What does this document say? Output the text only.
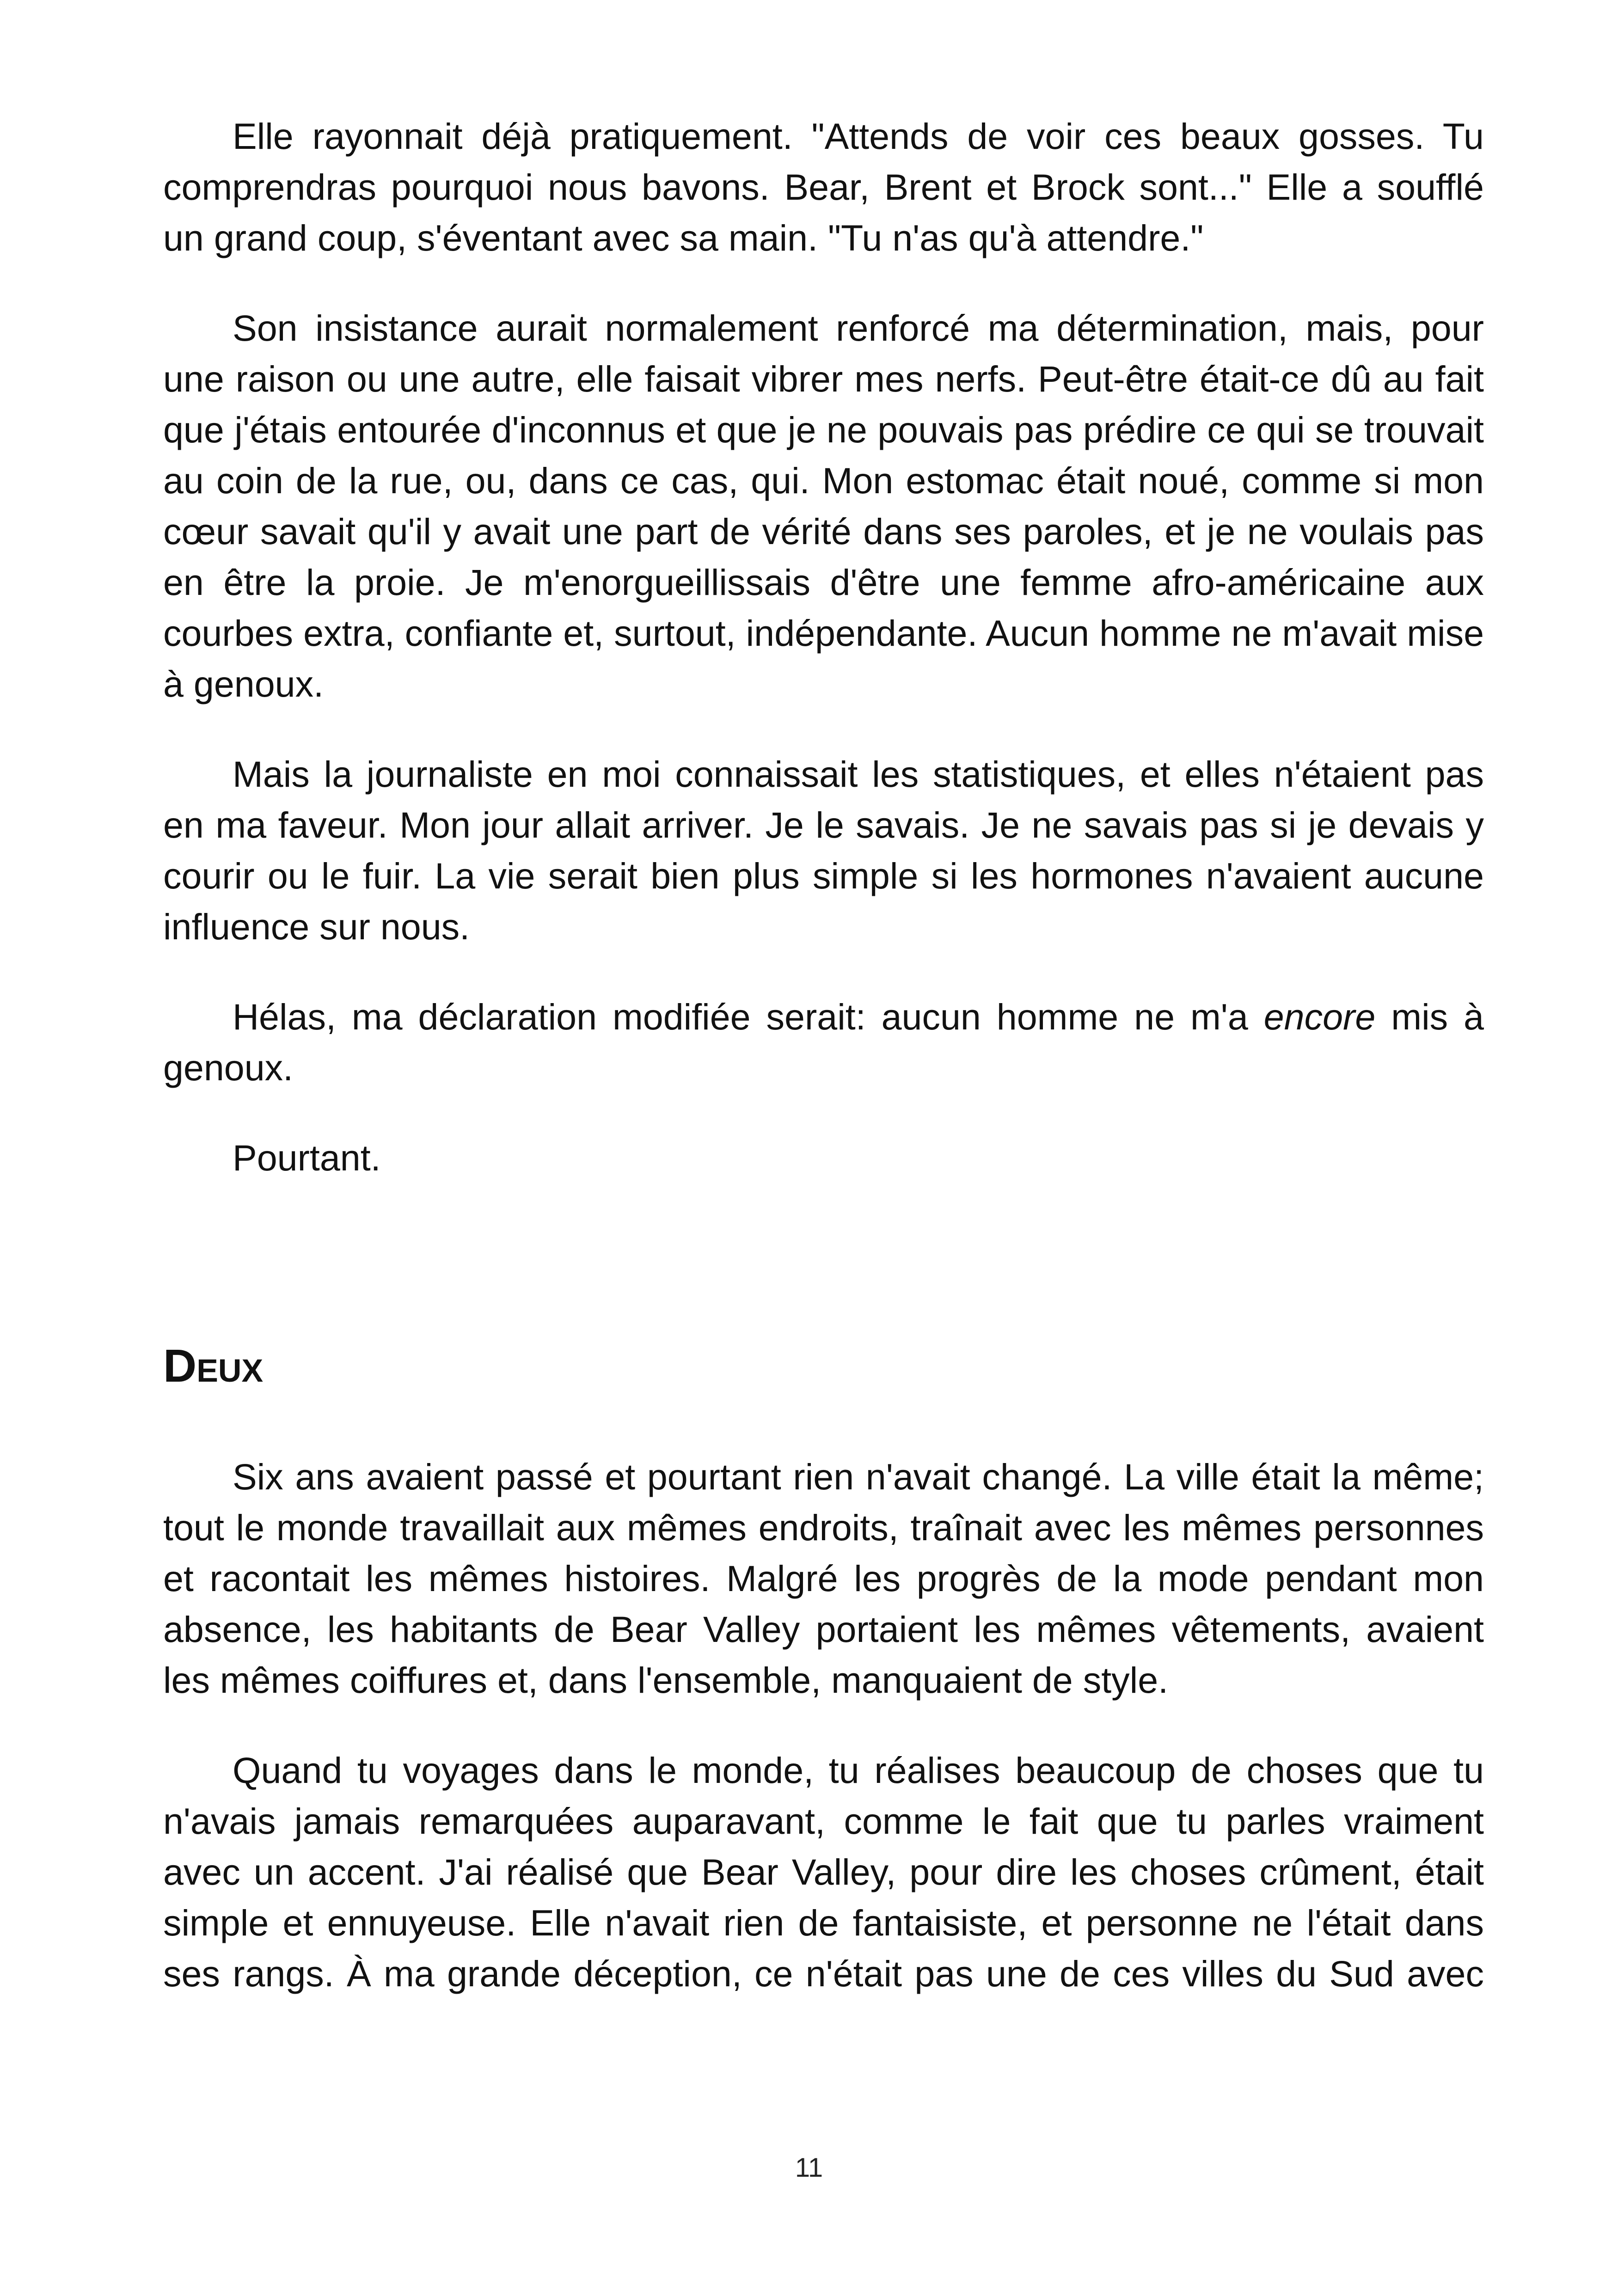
Elle rayonnait déjà pratiquement. "Attends de voir ces beaux gosses. Tu comprendras pourquoi nous bavons. Bear, Brent et Brock sont..." Elle a soufflé un grand coup, s'éventant avec sa main. "Tu n'as qu'à attendre."

Son insistance aurait normalement renforcé ma détermination, mais, pour une raison ou une autre, elle faisait vibrer mes nerfs. Peut-être était-ce dû au fait que j'étais entourée d'inconnus et que je ne pouvais pas prédire ce qui se trouvait au coin de la rue, ou, dans ce cas, qui. Mon estomac était noué, comme si mon cœur savait qu'il y avait une part de vérité dans ses paroles, et je ne voulais pas en être la proie. Je m'enorgueillissais d'être une femme afro-américaine aux courbes extra, confiante et, surtout, indépendante. Aucun homme ne m'avait mise à genoux.

Mais la journaliste en moi connaissait les statistiques, et elles n'étaient pas en ma faveur. Mon jour allait arriver. Je le savais. Je ne savais pas si je devais y courir ou le fuir. La vie serait bien plus simple si les hormones n'avaient aucune influence sur nous.

Hélas, ma déclaration modifiée serait: aucun homme ne m'a encore mis à genoux.

Pourtant.

Deux

Six ans avaient passé et pourtant rien n'avait changé. La ville était la même; tout le monde travaillait aux mêmes endroits, traînait avec les mêmes personnes et racontait les mêmes histoires. Malgré les progrès de la mode pendant mon absence, les habitants de Bear Valley portaient les mêmes vêtements, avaient les mêmes coiffures et, dans l'ensemble, manquaient de style.

Quand tu voyages dans le monde, tu réalises beaucoup de choses que tu n'avais jamais remarquées auparavant, comme le fait que tu parles vraiment avec un accent. J'ai réalisé que Bear Valley, pour dire les choses crûment, était simple et ennuyeuse. Elle n'avait rien de fantaisiste, et personne ne l'était dans ses rangs. À ma grande déception, ce n'était pas une de ces villes du Sud avec

11
